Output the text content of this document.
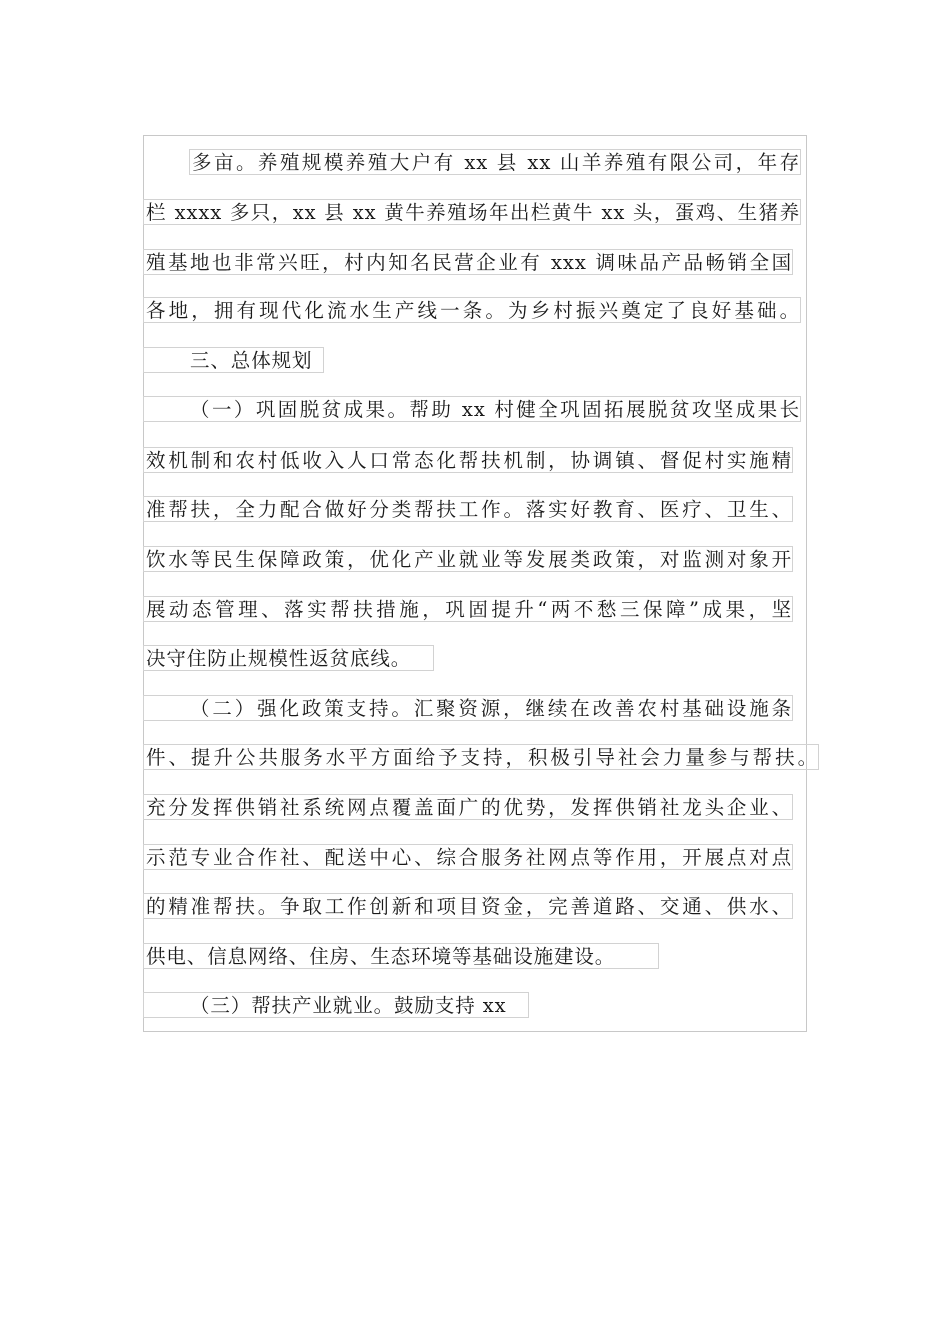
多亩。养殖规模养殖大户有 xx 县 xx 山羊养殖有限公司，年存
栏 xxxx 多只，xx 县 xx 黄牛养殖场年出栏黄牛 xx 头，蛋鸡、生猪养
殖基地也非常兴旺，村内知名民营企业有 xxx 调味品产品畅销全国
各地，拥有现代化流水生产线一条。为乡村振兴奠定了良好基础。
三、总体规划
（一）巩固脱贫成果。帮助 xx 村健全巩固拓展脱贫攻坚成果长
效机制和农村低收入人口常态化帮扶机制，协调镇、督促村实施精
准帮扶，全力配合做好分类帮扶工作。落实好教育、医疗、卫生、
饮水等民生保障政策，优化产业就业等发展类政策，对监测对象开
展动态管理、落实帮扶措施，巩固提升“两不愁三保障”成果，坚
决守住防止规模性返贫底线。
（二）强化政策支持。汇聚资源，继续在改善农村基础设施条
件、提升公共服务水平方面给予支持，积极引导社会力量参与帮扶。
充分发挥供销社系统网点覆盖面广的优势，发挥供销社龙头企业、
示范专业合作社、配送中心、综合服务社网点等作用，开展点对点
的精准帮扶。争取工作创新和项目资金，完善道路、交通、供水、
供电、信息网络、住房、生态环境等基础设施建设。
（三）帮扶产业就业。鼓励支持 xx
